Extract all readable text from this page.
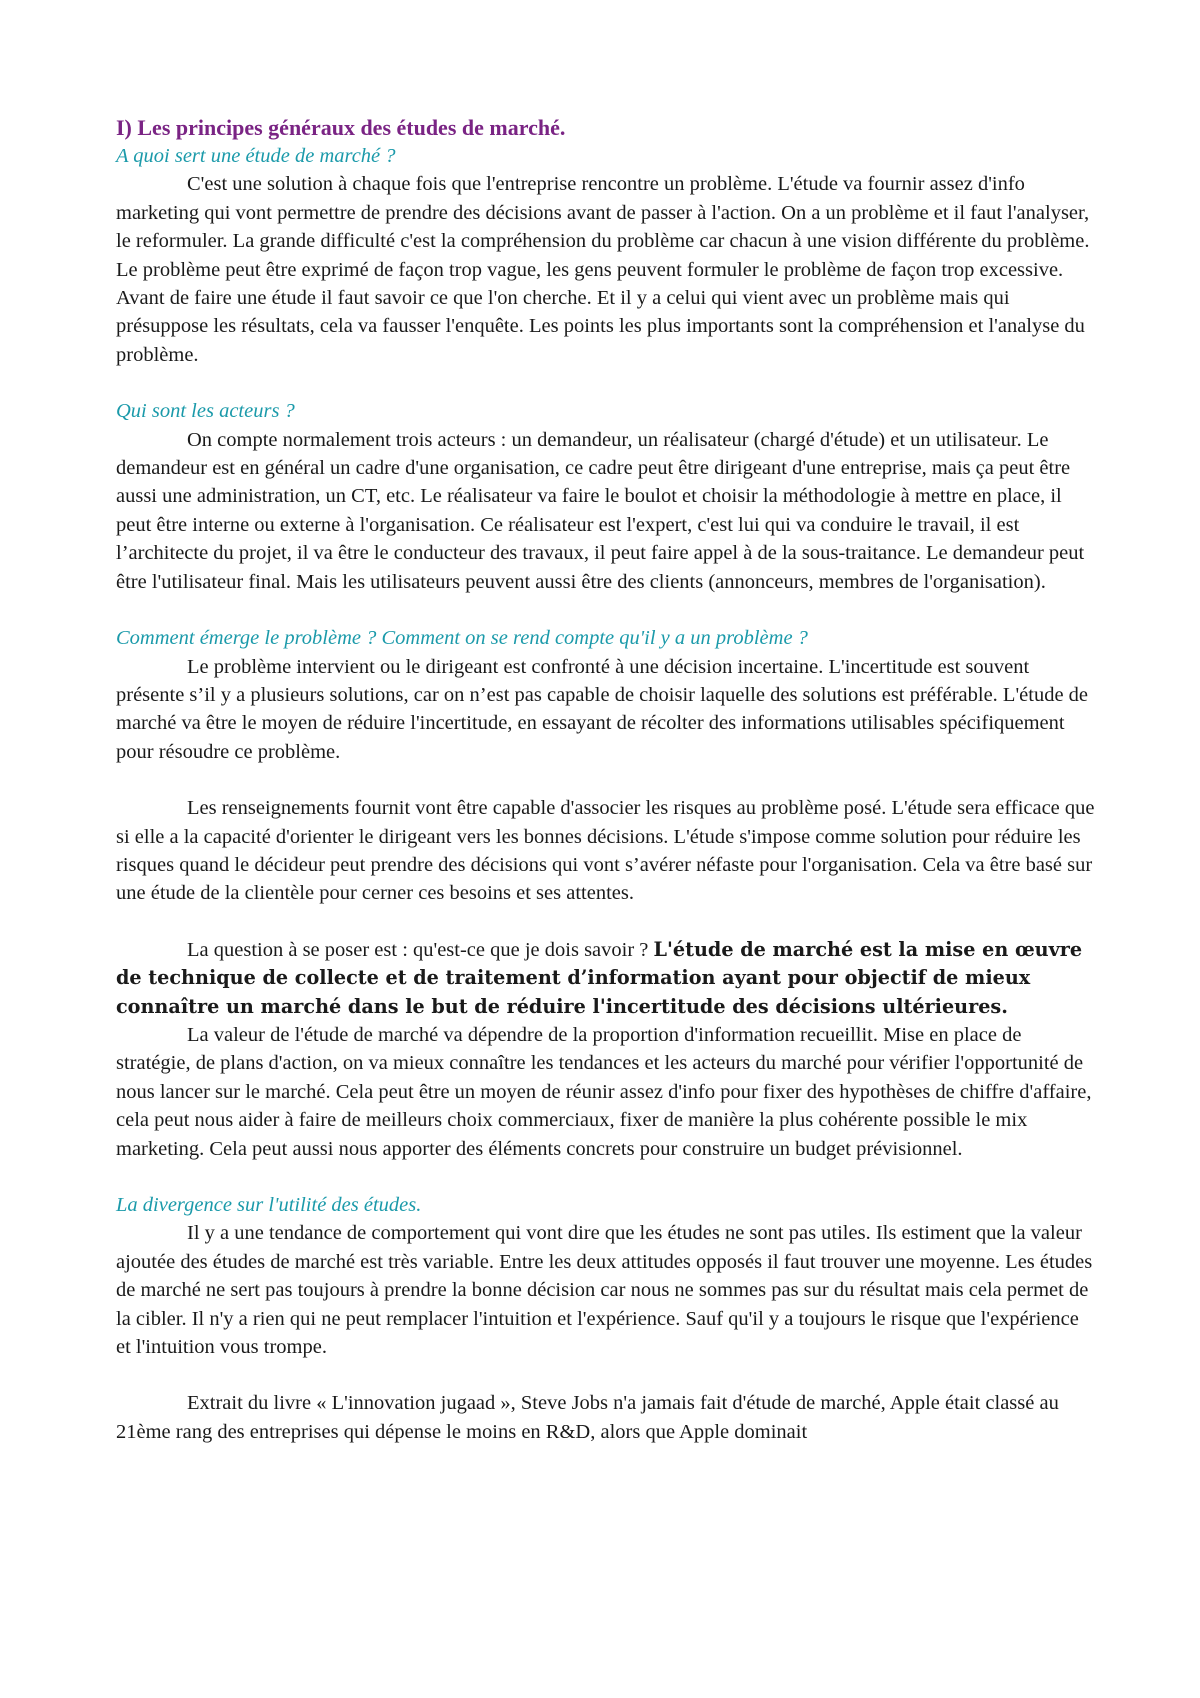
I) Les principes généraux des études de marché.

A quoi sert une étude de marché ?

C'est une solution à chaque fois que l'entreprise rencontre un problème. L'étude va fournir assez d'info marketing qui vont permettre de prendre des décisions avant de passer à l'action. On a un problème et il faut l'analyser, le reformuler. La grande difficulté c'est la compréhension du problème car chacun à une vision différente du problème. Le problème peut être exprimé de façon trop vague, les gens peuvent formuler le problème de façon trop excessive. Avant de faire une étude il faut savoir ce que l'on cherche. Et il y a celui qui vient avec un problème mais qui présuppose les résultats, cela va fausser l'enquête. Les points les plus importants sont la compréhension et l'analyse du problème.

Qui sont les acteurs ?

On compte normalement trois acteurs : un demandeur, un réalisateur (chargé d'étude) et un utilisateur. Le demandeur est en général un cadre d'une organisation, ce cadre peut être dirigeant d'une entreprise, mais ça peut être aussi une administration, un CT, etc. Le réalisateur va faire le boulot et choisir la méthodologie à mettre en place, il peut être interne ou externe à l'organisation. Ce réalisateur est l'expert, c'est lui qui va conduire le travail, il est l’architecte du projet, il va être le conducteur des travaux, il peut faire appel à de la sous-traitance. Le demandeur peut être l'utilisateur final. Mais les utilisateurs peuvent aussi être des clients (annonceurs, membres de l'organisation).

Comment émerge le problème ? Comment on se rend compte qu'il y a un problème ?

Le problème intervient ou le dirigeant est confronté à une décision incertaine. L'incertitude est souvent présente s’il y a plusieurs solutions, car on n’est pas capable de choisir laquelle des solutions est préférable. L'étude de marché va être le moyen de réduire l'incertitude, en essayant de récolter des informations utilisables spécifiquement pour résoudre ce problème.

Les renseignements fournit vont être capable d'associer les risques au problème posé. L'étude sera efficace que si elle a la capacité d'orienter le dirigeant vers les bonnes décisions. L'étude s'impose comme solution pour réduire les risques quand le décideur peut prendre des décisions qui vont s’avérer néfaste pour l'organisation. Cela va être basé sur une étude de la clientèle pour cerner ces besoins et ses attentes.

La question à se poser est : qu'est-ce que je dois savoir ? L'étude de marché est la mise en œuvre de technique de collecte et de traitement d’information ayant pour objectif de mieux connaître un marché dans le but de réduire l'incertitude des décisions ultérieures.

La valeur de l'étude de marché va dépendre de la proportion d'information recueillit. Mise en place de stratégie, de plans d'action, on va mieux connaître les tendances et les acteurs du marché pour vérifier l'opportunité de nous lancer sur le marché. Cela peut être un moyen de réunir assez d'info pour fixer des hypothèses de chiffre d'affaire, cela peut nous aider à faire de meilleurs choix commerciaux, fixer de manière la plus cohérente possible le mix marketing. Cela peut aussi nous apporter des éléments concrets pour construire un budget prévisionnel.

La divergence sur l'utilité des études.

Il y a une tendance de comportement qui vont dire que les études ne sont pas utiles. Ils estiment que la valeur ajoutée des études de marché est très variable. Entre les deux attitudes opposés il faut trouver une moyenne. Les études de marché ne sert pas toujours à prendre la bonne décision car nous ne sommes pas sur du résultat mais cela permet de la cibler. Il n'y a rien qui ne peut remplacer l'intuition et l'expérience. Sauf qu'il y a toujours le risque que l'expérience et l'intuition vous trompe.

Extrait du livre « L'innovation jugaad », Steve Jobs n'a jamais fait d'étude de marché, Apple était classé au 21ème rang des entreprises qui dépense le moins en R&D, alors que Apple dominait
